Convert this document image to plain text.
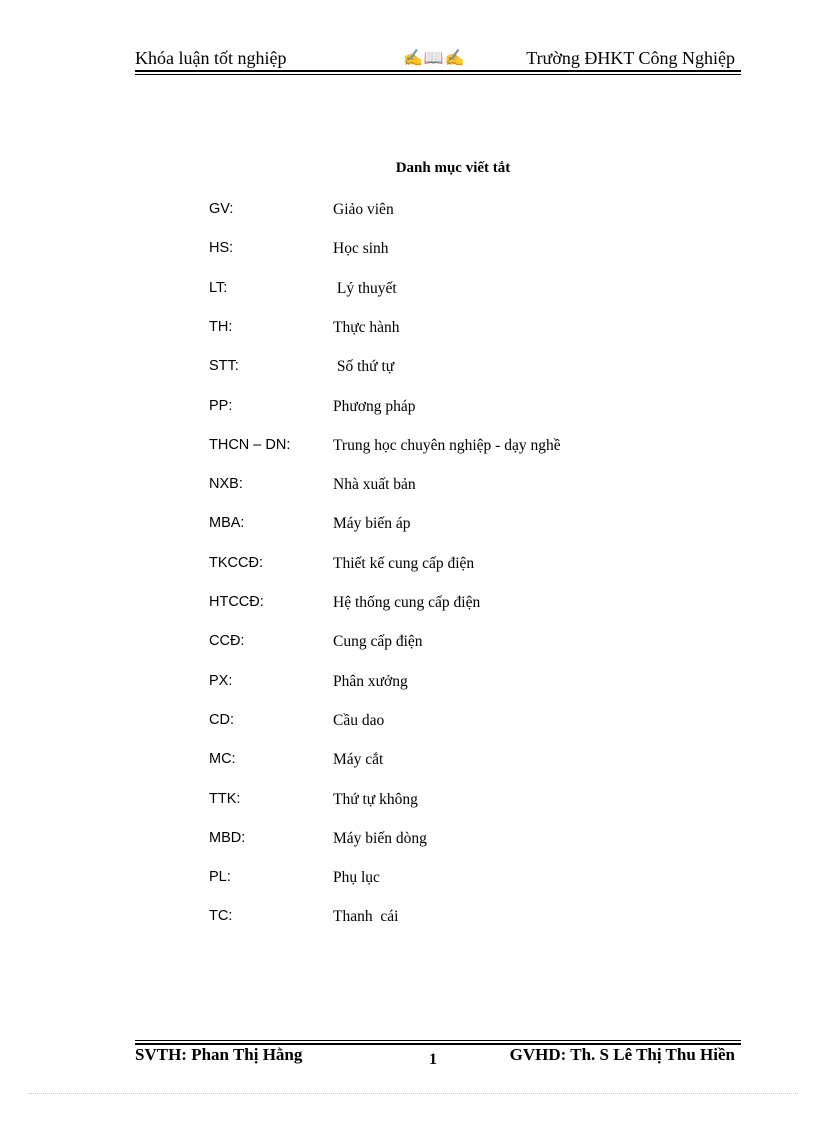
Khóa luận tốt nghiệp	✍📖✍	Trường ĐHKT Công Nghiệp
Danh mục viết tắt
GV:	Giảo viên
HS:	Học sinh
LT:	Lý thuyết
TH:	Thực hành
STT:	Số thứ tự
PP:	Phương pháp
THCN – DN:	Trung học chuyên nghiệp - dạy nghề
NXB:	Nhà xuất bản
MBA:	Máy biến áp
TKCCĐ:	Thiết kế cung cấp điện
HTCCĐ:	Hệ thống cung cấp điện
CCĐ:	Cung cấp điện
PX:	Phân xưởng
CD:	Cầu dao
MC:	Máy cắt
TTK:	Thứ tự không
MBD:	Máy biến dòng
PL:	Phụ lục
TC:	Thanh  cái
SVTH: Phan Thị Hằng	1	GVHD: Th. S Lê Thị Thu Hiền
